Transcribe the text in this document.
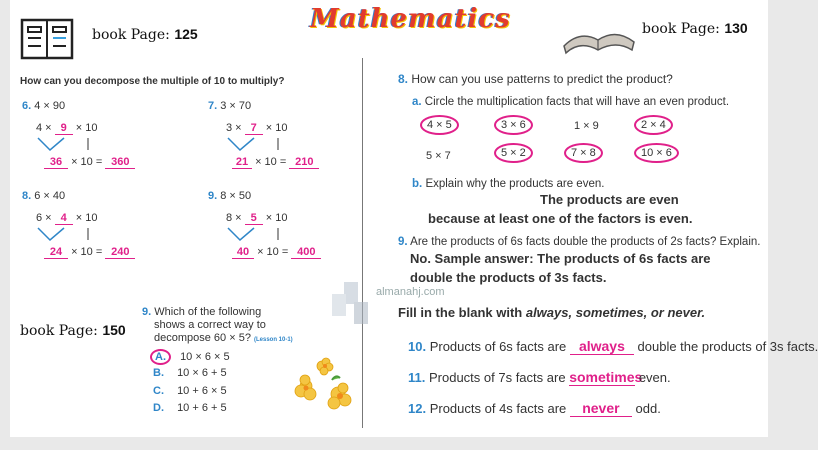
book Page: 125	Mathematics	book Page: 130
How can you decompose the multiple of 10 to multiply?
6. 4 × 90
4 × 9 × 10
36 × 10 = 360
7. 3 × 70
3 × 7 × 10
21 × 10 = 210
8. 6 × 40
6 × 4 × 10
24 × 10 = 240
9. 8 × 50
8 × 5 × 10
40 × 10 = 400
book Page: 150
9. Which of the following
shows a correct way to
decompose 60 × 5? (Lesson 10-1)
A. 10 × 6 × 5
B. 10 × 6 + 5
C. 10 + 6 × 5
D. 10 + 6 + 5
8. How can you use patterns to predict the product?
a. Circle the multiplication facts that will have an even product.
4 × 5	3 × 6	1 × 9	2 × 4
5 × 7	5 × 2	7 × 8	10 × 6
b. Explain why the products are even.
The products are even
because at least one of the factors is even.
9. Are the products of 6s facts double the products of 2s facts? Explain.
No. Sample answer: The products of 6s facts are
double the products of 3s facts.
almanahj.com
Fill in the blank with always, sometimes, or never.
10. Products of 6s facts are always double the products of 3s facts.
11. Products of 7s facts are sometimes even.
12. Products of 4s facts are never odd.
